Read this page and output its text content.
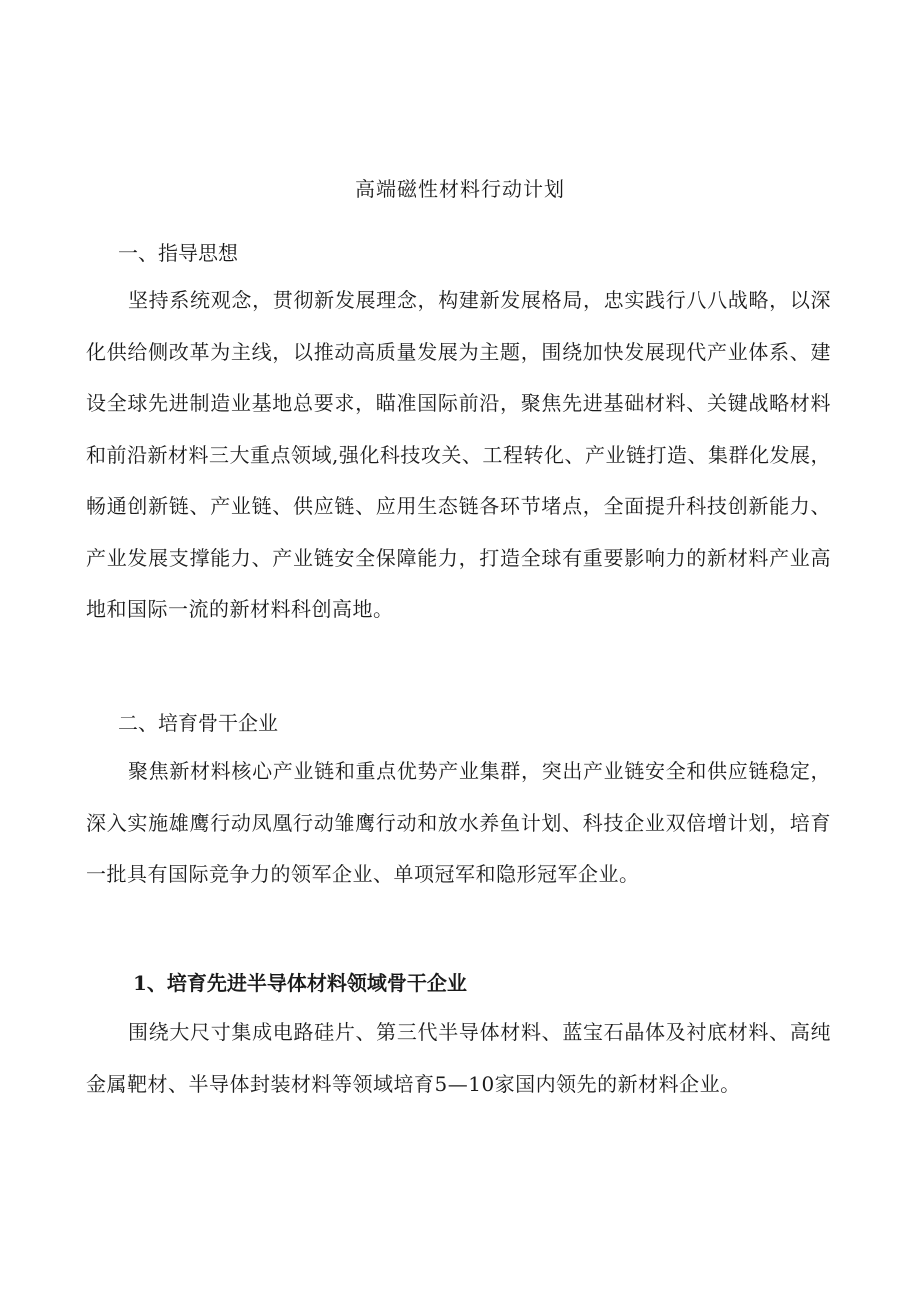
高端磁性材料行动计划
一、指导思想

坚持系统观念，贯彻新发展理念，构建新发展格局，忠实践行八八战略，以深化供给侧改革为主线，以推动高质量发展为主题，围绕加快发展现代产业体系、建设全球先进制造业基地总要求，瞄准国际前沿，聚焦先进基础材料、关键战略材料和前沿新材料三大重点领域,强化科技攻关、工程转化、产业链打造、集群化发展，畅通创新链、产业链、供应链、应用生态链各环节堵点，全面提升科技创新能力、产业发展支撑能力、产业链安全保障能力，打造全球有重要影响力的新材料产业高地和国际一流的新材料科创高地。

二、培育骨干企业

聚焦新材料核心产业链和重点优势产业集群，突出产业链安全和供应链稳定，深入实施雄鹰行动凤凰行动雏鹰行动和放水养鱼计划、科技企业双倍增计划，培育一批具有国际竞争力的领军企业、单项冠军和隐形冠军企业。

1、培育先进半导体材料领域骨干企业

围绕大尺寸集成电路硅片、第三代半导体材料、蓝宝石晶体及衬底材料、高纯金属靶材、半导体封装材料等领域培育5—10家国内领先的新材料企业。
